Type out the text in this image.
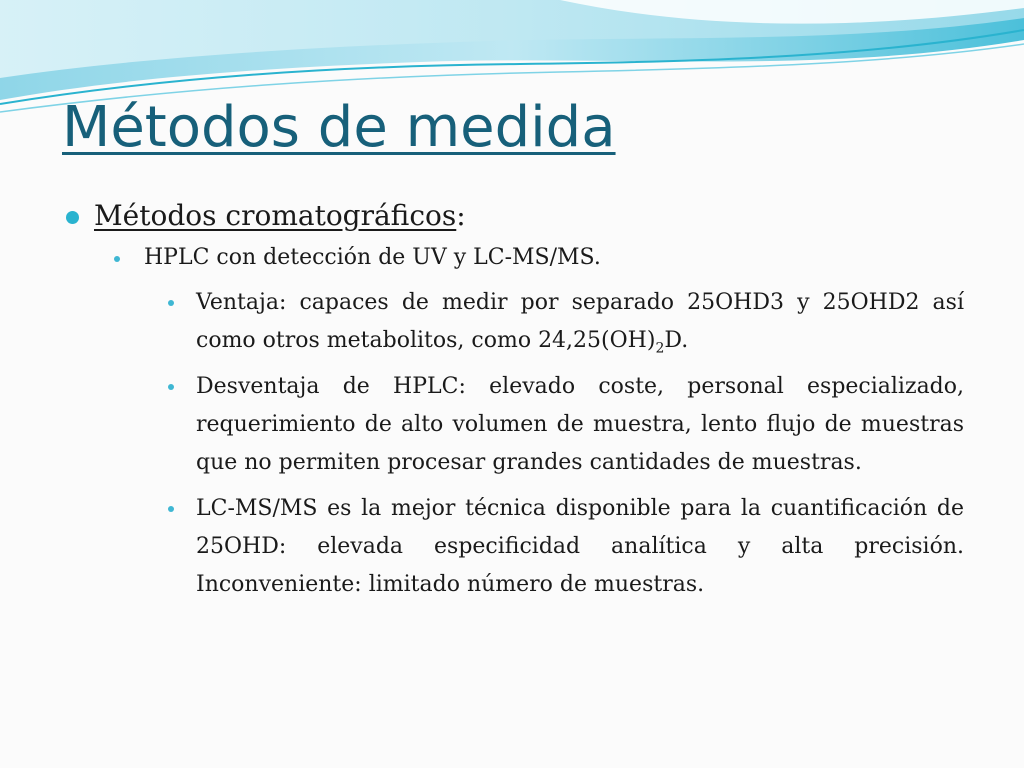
Métodos de medida
Métodos cromatográficos:
HPLC con detección de UV y LC-MS/MS.
Ventaja: capaces de medir por separado 25OHD3 y 25OHD2 así como otros metabolitos, como $24,25(OH)_2D$.
Desventaja de HPLC: elevado coste, personal especializado, requerimiento de alto volumen de muestra, lento flujo de muestras que no permiten procesar grandes cantidades de muestras.
LC-MS/MS es la mejor técnica disponible para la cuantificación de 25OHD: elevada especificidad analítica y alta precisión. Inconveniente: limitado número de muestras.
